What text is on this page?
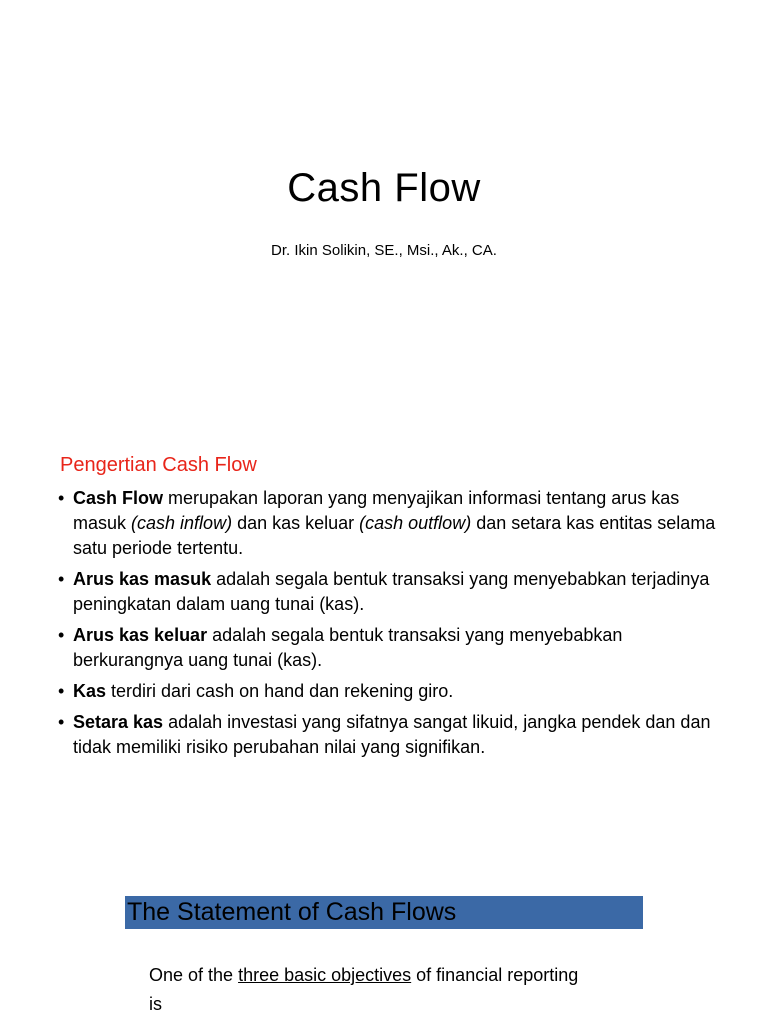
Cash Flow

Dr. Ikin Solikin, SE., Msi., Ak., CA.

Pengertian Cash Flow
• Cash Flow merupakan laporan yang menyajikan informasi tentang arus kas masuk (cash inflow) dan kas keluar (cash outflow) dan setara kas entitas selama satu periode tertentu.
• Arus kas masuk adalah segala bentuk transaksi yang menyebabkan terjadinya peningkatan dalam uang tunai (kas).
• Arus kas keluar adalah segala bentuk transaksi yang menyebabkan berkurangnya uang tunai (kas).
• Kas terdiri dari cash on hand dan rekening giro.
• Setara kas adalah investasi yang sifatnya sangat likuid, jangka pendek dan dan tidak memiliki risiko perubahan nilai yang signifikan.
The Statement of Cash Flows

One of the three basic objectives of financial reporting is
